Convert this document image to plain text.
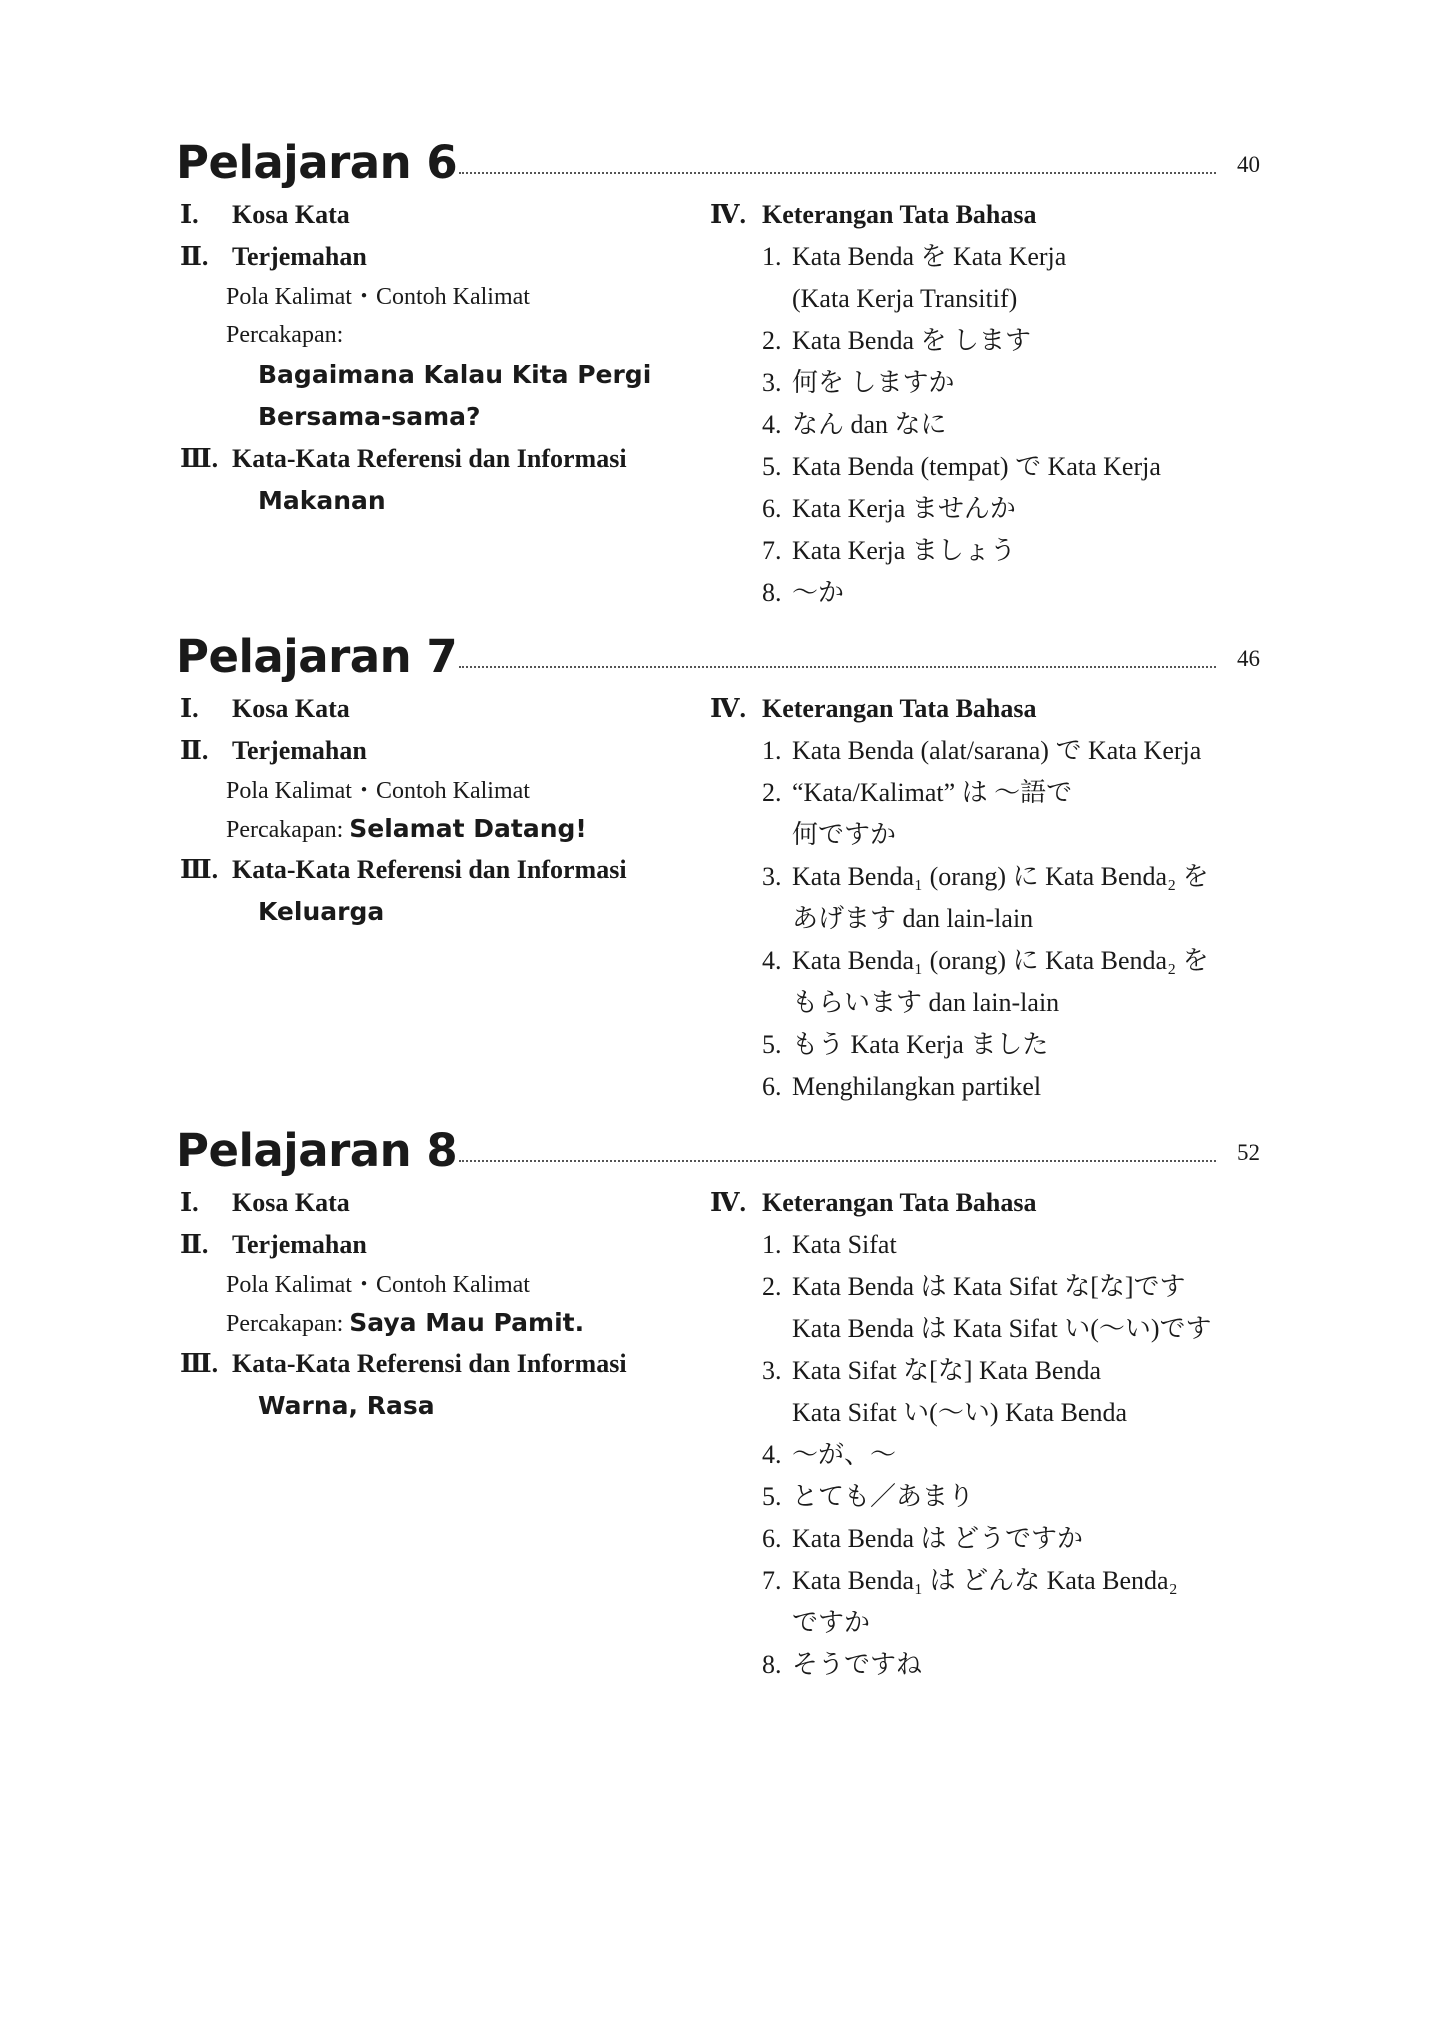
Pelajaran 6	40
Ⅰ. Kosa Kata
Ⅱ. Terjemahan
Pola Kalimat・Contoh Kalimat
Percakapan:
Bagaimana Kalau Kita Pergi
Bersama-sama?
Ⅲ. Kata-Kata Referensi dan Informasi
Makanan
Ⅳ. Keterangan Tata Bahasa
1. Kata Benda を Kata Kerja
(Kata Kerja Transitif)
2. Kata Benda を します
3. 何を しますか
4. なん dan なに
5. Kata Benda (tempat) で Kata Kerja
6. Kata Kerja ませんか
7. Kata Kerja ましょう
8. ～か
Pelajaran 7	46
Ⅰ. Kosa Kata
Ⅱ. Terjemahan
Pola Kalimat・Contoh Kalimat
Percakapan: Selamat Datang!
Ⅲ. Kata-Kata Referensi dan Informasi
Keluarga
Ⅳ. Keterangan Tata Bahasa
1. Kata Benda (alat/sarana) で Kata Kerja
2. “Kata/Kalimat” は ～語で
何ですか
3. Kata Benda₁ (orang) に Kata Benda₂ を
あげます dan lain-lain
4. Kata Benda₁ (orang) に Kata Benda₂ を
もらいます dan lain-lain
5. もう Kata Kerja ました
6. Menghilangkan partikel
Pelajaran 8	52
Ⅰ. Kosa Kata
Ⅱ. Terjemahan
Pola Kalimat・Contoh Kalimat
Percakapan: Saya Mau Pamit.
Ⅲ. Kata-Kata Referensi dan Informasi
Warna, Rasa
Ⅳ. Keterangan Tata Bahasa
1. Kata Sifat
2. Kata Benda は Kata Sifat な[な]です
Kata Benda は Kata Sifat い(～い)です
3. Kata Sifat な[な] Kata Benda
Kata Sifat い(～い) Kata Benda
4. ～が、～
5. とても／あまり
6. Kata Benda は どうですか
7. Kata Benda₁ は どんな Kata Benda₂
ですか
8. そうですね
